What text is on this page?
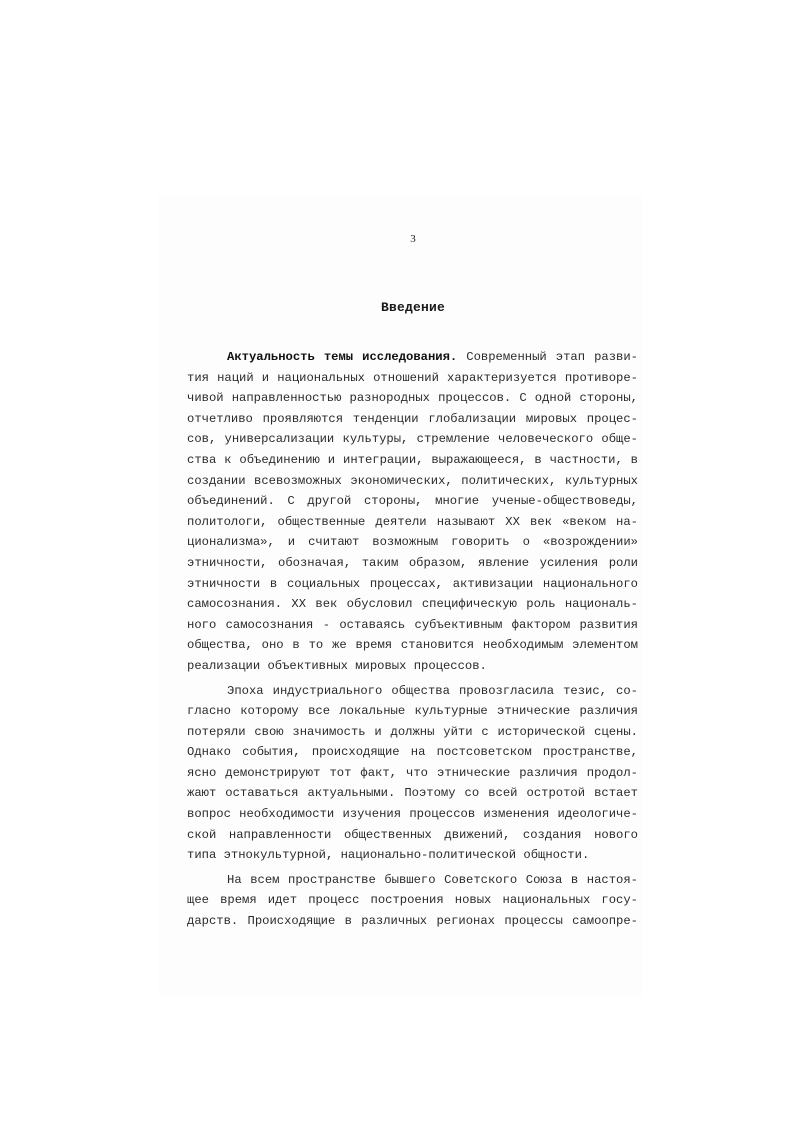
3
Введение
Актуальность темы исследования. Современный этап разви-
тия наций и национальных отношений характеризуется противоре-
чивой направленностью разнородных процессов. С одной стороны,
отчетливо проявляются тенденции глобализации мировых процес-
сов, универсализации культуры, стремление человеческого обще-
ства к объединению и интеграции, выражающееся, в частности, в
создании всевозможных экономических, политических, культурных
объединений. С другой стороны, многие ученые-обществоведы,
политологи, общественные деятели называют XX век «веком на-
ционализма», и считают возможным говорить о «возрождении»
этничности, обозначая, таким образом, явление усиления роли
этничности в социальных процессах, активизации национального
самосознания. XX век обусловил специфическую роль националь-
ного самосознания - оставаясь субъективным фактором развития
общества, оно в то же время становится необходимым элементом
реализации объективных мировых процессов.
Эпоха индустриального общества провозгласила тезис, со-
гласно которому все локальные культурные этнические различия
потеряли свою значимость и должны уйти с исторической сцены.
Однако события, происходящие на постсоветском пространстве,
ясно демонстрируют тот факт, что этнические различия продол-
жают оставаться актуальными. Поэтому со всей остротой встает
вопрос необходимости изучения процессов изменения идеологиче-
ской направленности общественных движений, создания нового
типа этнокультурной, национально-политической общности.
На всем пространстве бывшего Советского Союза в настоя-
щее время идет процесс построения новых национальных госу-
дарств. Происходящие в различных регионах процессы самоопре-
